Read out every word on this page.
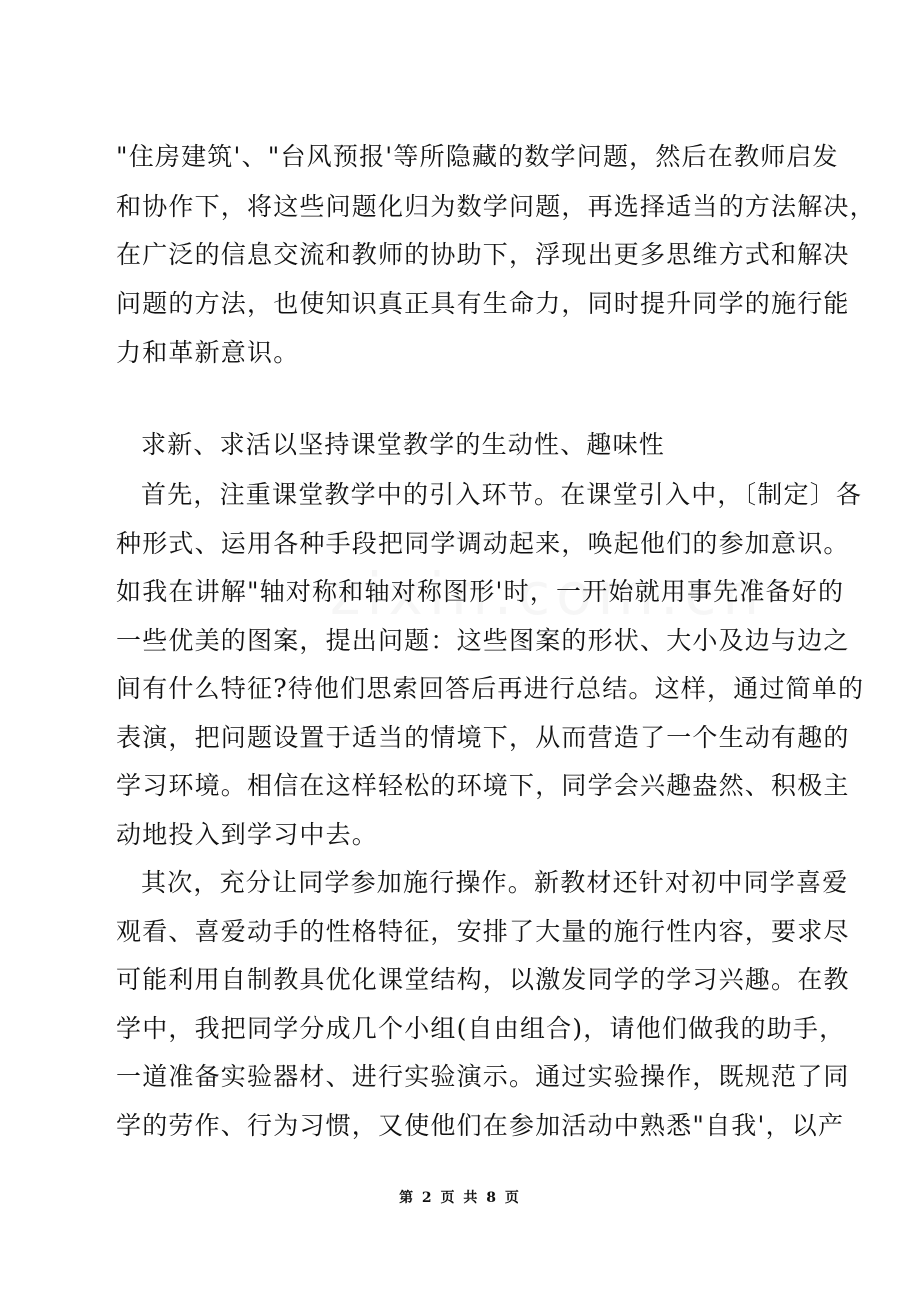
"住房建筑'、"台风预报'等所隐藏的数学问题，然后在教师启发
和协作下，将这些问题化归为数学问题，再选择适当的方法解决，
在广泛的信息交流和教师的协助下，浮现出更多思维方式和解决
问题的方法，也使知识真正具有生命力，同时提升同学的施行能
力和革新意识。
求新、求活以坚持课堂教学的生动性、趣味性
首先，注重课堂教学中的引入环节。在课堂引入中，〔制定〕各
种形式、运用各种手段把同学调动起来，唤起他们的参加意识。
如我在讲解"轴对称和轴对称图形'时，一开始就用事先准备好的
一些优美的图案，提出问题：这些图案的形状、大小及边与边之
间有什么特征?待他们思索回答后再进行总结。这样，通过简单的
表演，把问题设置于适当的情境下，从而营造了一个生动有趣的
学习环境。相信在这样轻松的环境下，同学会兴趣盎然、积极主
动地投入到学习中去。
其次，充分让同学参加施行操作。新教材还针对初中同学喜爱
观看、喜爱动手的性格特征，安排了大量的施行性内容，要求尽
可能利用自制教具优化课堂结构，以激发同学的学习兴趣。在教
学中，我把同学分成几个小组(自由组合)，请他们做我的助手，
一道准备实验器材、进行实验演示。通过实验操作，既规范了同
学的劳作、行为习惯，又使他们在参加活动中熟悉"自我'，以产
第 2 页 共 8 页
